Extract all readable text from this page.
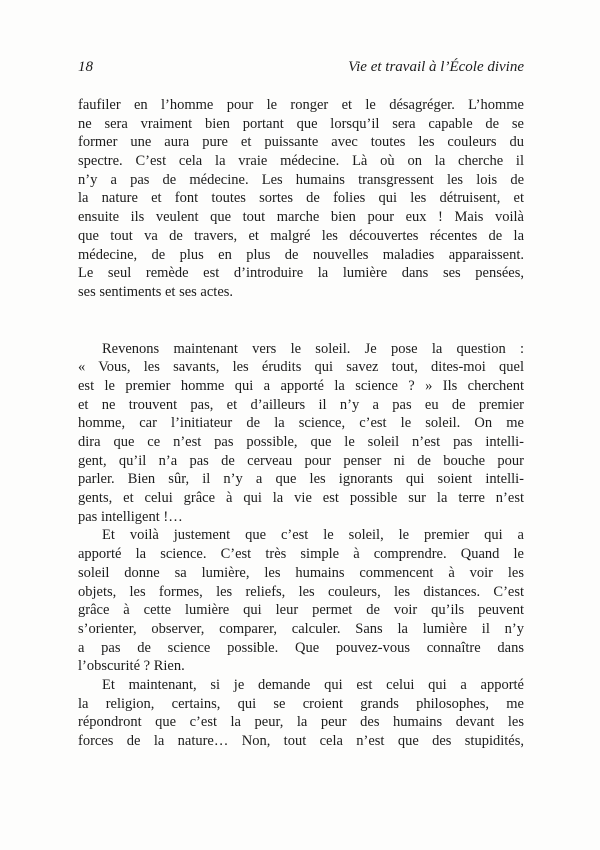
18	Vie et travail à l’École divine
faufiler en l’homme pour le ronger et le désagréger. L’homme
ne sera vraiment bien portant que lorsqu’il sera capable de se
former une aura pure et puissante avec toutes les couleurs du
spectre. C’est cela la vraie médecine. Là où on la cherche il
n’y a pas de médecine. Les humains transgressent les lois de
la nature et font toutes sortes de folies qui les détruisent, et
ensuite ils veulent que tout marche bien pour eux ! Mais voilà
que tout va de travers, et malgré les découvertes récentes de la
médecine, de plus en plus de nouvelles maladies apparaissent.
Le seul remède est d’introduire la lumière dans ses pensées,
ses sentiments et ses actes.
Revenons maintenant vers le soleil. Je pose la question :
« Vous, les savants, les érudits qui savez tout, dites-moi quel
est le premier homme qui a apporté la science ? » Ils cherchent
et ne trouvent pas, et d’ailleurs il n’y a pas eu de premier
homme, car l’initiateur de la science, c’est le soleil. On me
dira que ce n’est pas possible, que le soleil n’est pas intelli-
gent, qu’il n’a pas de cerveau pour penser ni de bouche pour
parler. Bien sûr, il n’y a que les ignorants qui soient intelli-
gents, et celui grâce à qui la vie est possible sur la terre n’est
pas intelligent !…
Et voilà justement que c’est le soleil, le premier qui a
apporté la science. C’est très simple à comprendre. Quand le
soleil donne sa lumière, les humains commencent à voir les
objets, les formes, les reliefs, les couleurs, les distances. C’est
grâce à cette lumière qui leur permet de voir qu’ils peuvent
s’orienter, observer, comparer, calculer. Sans la lumière il n’y
a pas de science possible. Que pouvez-vous connaître dans
l’obscurité ? Rien.
Et maintenant, si je demande qui est celui qui a apporté
la religion, certains, qui se croient grands philosophes, me
répondront que c’est la peur, la peur des humains devant les
forces de la nature… Non, tout cela n’est que des stupidités,
